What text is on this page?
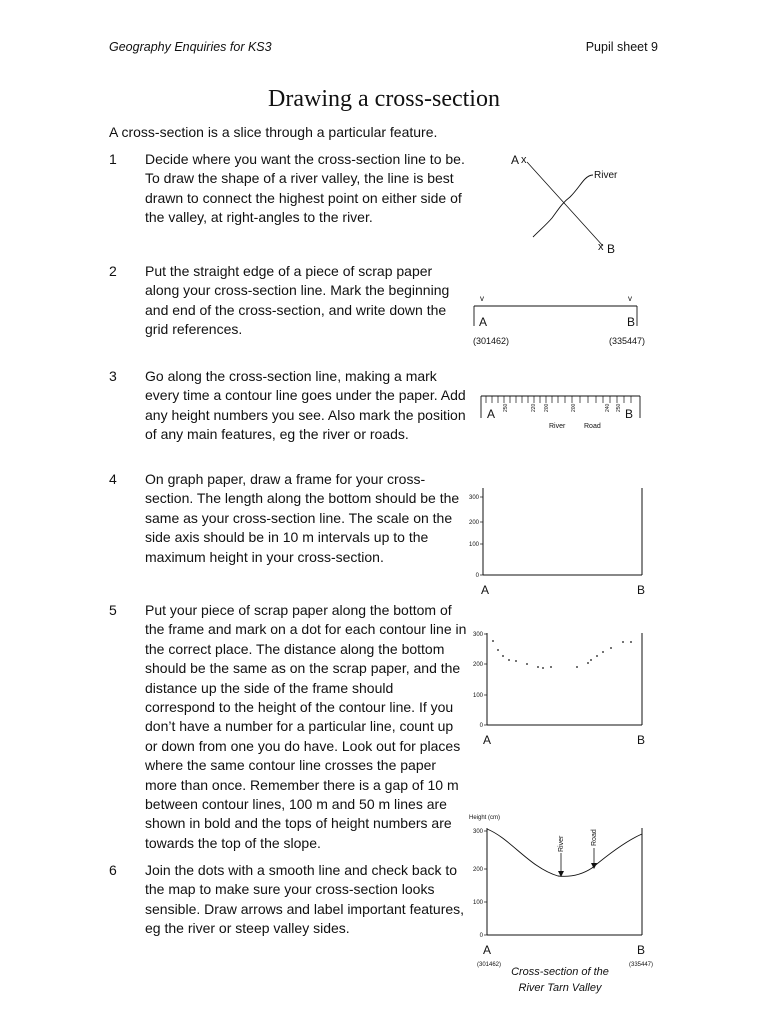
Geography Enquiries for KS3	Pupil sheet 9
Drawing a cross-section
A cross-section is a slice through a particular feature.
1 Decide where you want the cross-section line to be. To draw the shape of a river valley, the line is best drawn to connect the highest point on either side of the valley, at right-angles to the river.
2 Put the straight edge of a piece of scrap paper along your cross-section line. Mark the beginning and end of the cross-section, and write down the grid references.
3 Go along the cross-section line, making a mark every time a contour line goes under the paper. Add any height numbers you see. Also mark the position of any main features, eg the river or roads.
4 On graph paper, draw a frame for your cross-section. The length along the bottom should be the same as your cross-section line. The scale on the side axis should be in 10 m intervals up to the maximum height in your cross-section.
5 Put your piece of scrap paper along the bottom of the frame and mark on a dot for each contour line in the correct place. The distance along the bottom should be the same as on the scrap paper, and the distance up the side of the frame should correspond to the height of the contour line. If you don’t have a number for a particular line, count up or down from one you do have. Look out for places where the same contour line crosses the paper more than once. Remember there is a gap of 10 m between contour lines, 100 m and 50 m lines are shown in bold and the tops of height numbers are towards the top of the slope.
6 Join the dots with a smooth line and check back to the map to make sure your cross-section looks sensible. Draw arrows and label important features, eg the river or steep valley sides.
A x
x B
River
v	v
A	B
(301462)	(335447)
A	B
River	Road
250	220 200	200	240 250
300
200
100
0
A	B
300
200
100
0
A	B
Height (cm)
300
200
100
0
River	Road
A	B
(301462)	(335447)
Cross-section of the
River Tarn Valley
